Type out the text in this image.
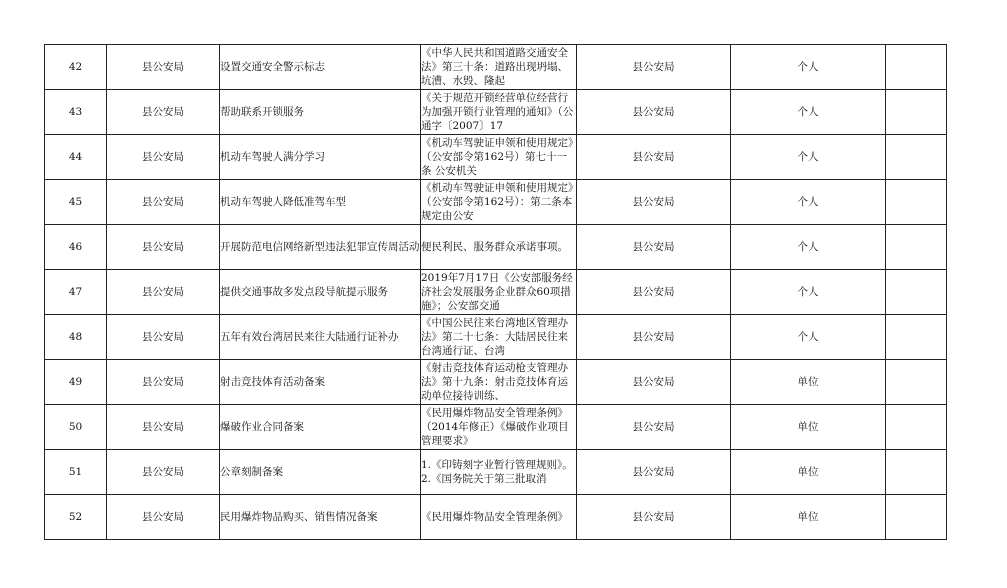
42	县公安局	设置交通安全警示标志	《中华人民共和国道路交通安全法》第三十条：道路出现坍塌、坑漕、水毁、隆起	县公安局	个人	
43	县公安局	帮助联系开锁服务	《关于规范开锁经营单位经营行为加强开锁行业管理的通知》（公通字〔2007〕17	县公安局	个人	
44	县公安局	机动车驾驶人满分学习	《机动车驾驶证申领和使用规定》（公安部令第162号）第七十一条 公安机关	县公安局	个人	
45	县公安局	机动车驾驶人降低准驾车型	《机动车驾驶证申领和使用规定》（公安部令第162号）：第二条本规定由公安	县公安局	个人	
46	县公安局	开展防范电信网络新型违法犯罪宣传周活动	便民利民、服务群众承诺事项。	县公安局	个人	
47	县公安局	提供交通事故多发点段导航提示服务	2019年7月17日《公安部服务经济社会发展服务企业群众60项措施》；公安部交通	县公安局	个人	
48	县公安局	五年有效台湾居民来往大陆通行证补办	《中国公民往来台湾地区管理办法》第二十七条：大陆居民往来台湾通行证、台湾	县公安局	个人	
49	县公安局	射击竞技体育活动备案	《射击竞技体育运动枪支管理办法》第十九条：射击竞技体育运动单位接待训练、	县公安局	单位	
50	县公安局	爆破作业合同备案	《民用爆炸物品安全管理条例》（2014年修正）《爆破作业项目管理要求》	县公安局	单位	
51	县公安局	公章刻制备案	1.《印铸刻字业暂行管理规则》。2.《国务院关于第三批取消	县公安局	单位	
52	县公安局	民用爆炸物品购买、销售情况备案	《民用爆炸物品安全管理条例》	县公安局	单位	
